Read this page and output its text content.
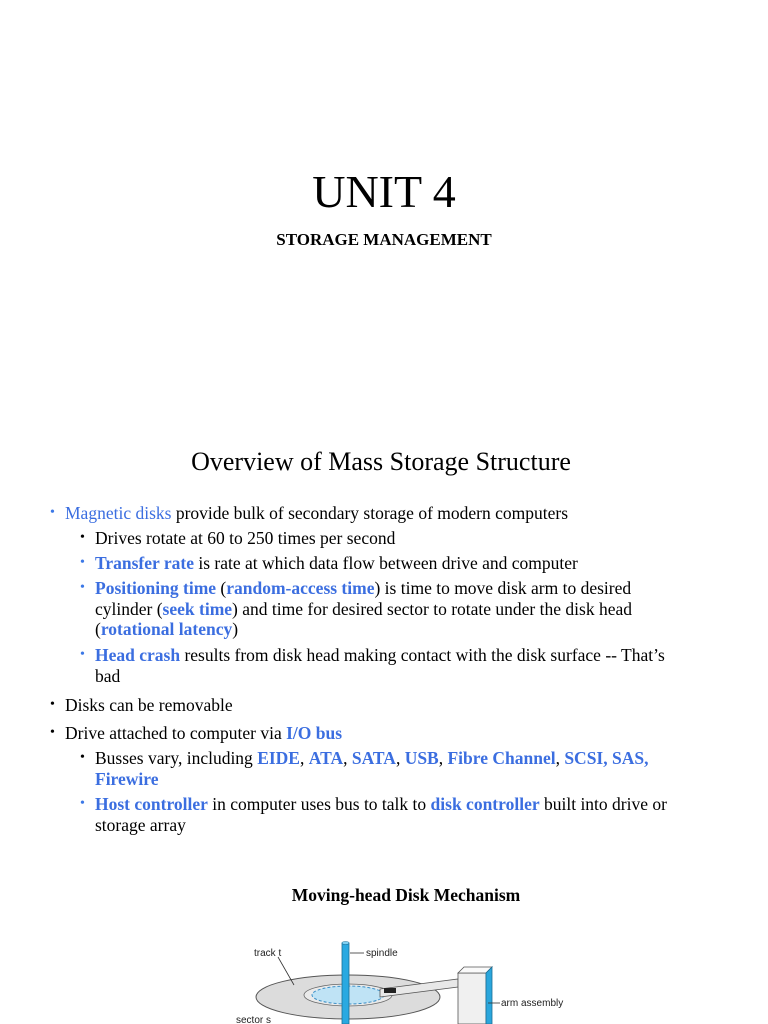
UNIT 4
STORAGE MANAGEMENT
Overview of Mass Storage Structure
• Magnetic disks provide bulk of secondary storage of modern computers
• Drives rotate at 60 to 250 times per second
• Transfer rate is rate at which data flow between drive and computer
• Positioning time (random-access time) is time to move disk arm to desired
cylinder (seek time) and time for desired sector to rotate under the disk head
(rotational latency)
• Head crash results from disk head making contact with the disk surface -- That’s
bad
• Disks can be removable
• Drive attached to computer via I/O bus
• Busses vary, including EIDE, ATA, SATA, USB, Fibre Channel, SCSI, SAS,
Firewire
• Host controller in computer uses bus to talk to disk controller built into drive or
storage array
Moving-head Disk Mechanism
track t	spindle
arm assembly
sector s
